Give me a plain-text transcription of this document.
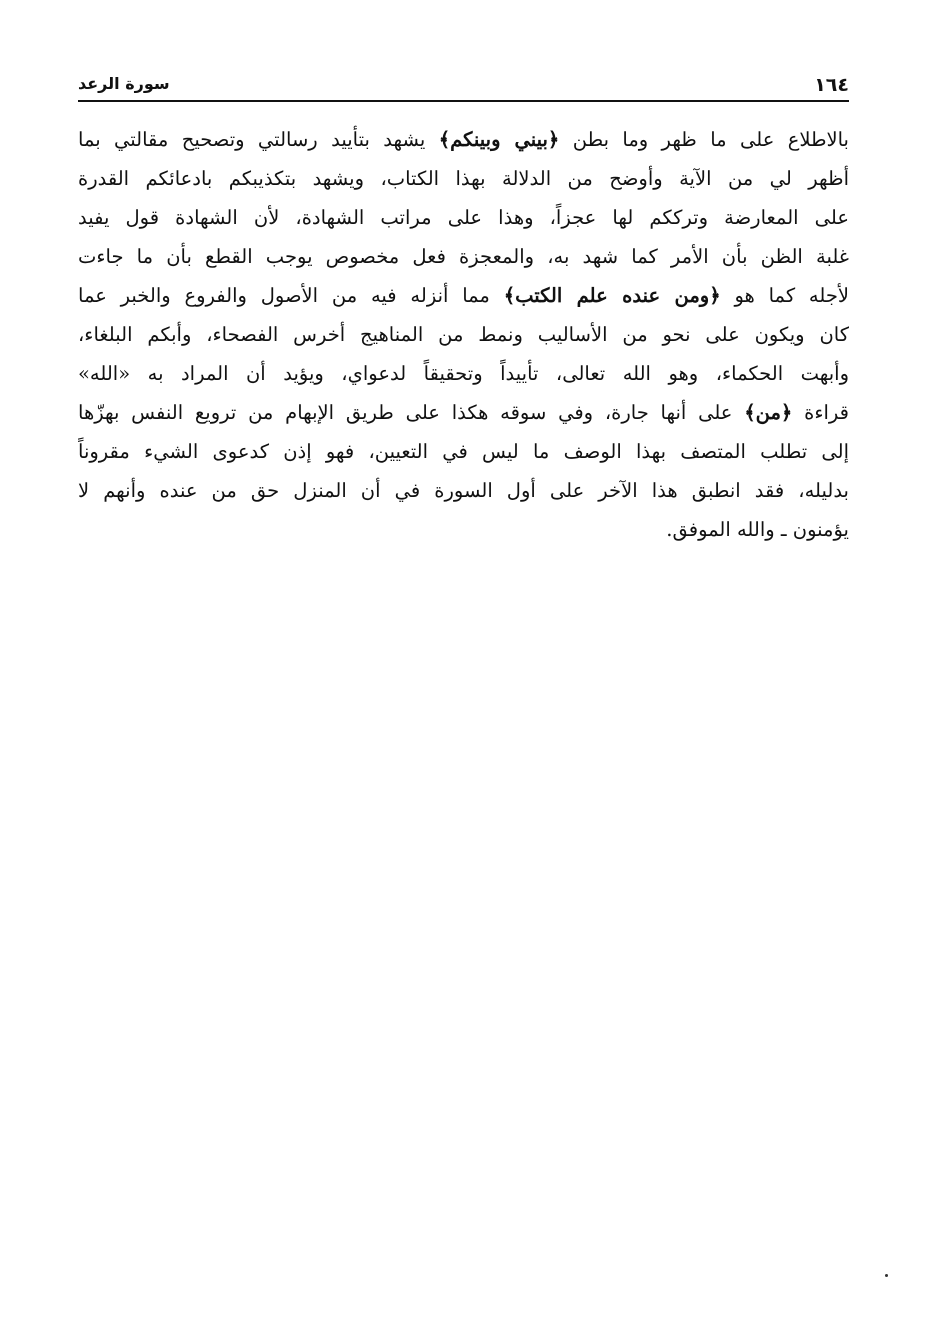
١٦٤
سورة الرعد
بالاطلاع على ما ظهر وما بطن ﴿بيني وبينكم﴾ يشهد بتأييد رسالتي وتصحيح مقالتي بما
أظهر لي من الآية وأوضح من الدلالة بهذا الكتاب، ويشهد بتكذيبكم بادعائكم القدرة
على المعارضة وترككم لها عجزاً، وهذا على مراتب الشهادة، لأن الشهادة قول يفيد
غلبة الظن بأن الأمر كما شهد به، والمعجزة فعل مخصوص يوجب القطع بأن ما جاءت
لأجله كما هو ﴿ومن عنده علم الكتب﴾ مما أنزله فيه من الأصول والفروع والخبر عما
كان ويكون على نحو من الأساليب ونمط من المناهيج أخرس الفصحاء، وأبكم البلغاء،
وأبهت الحكماء، وهو الله تعالى، تأييداً وتحقيقاً لدعواي، ويؤيد أن المراد به «الله»
قراءة ﴿من﴾ على أنها جارة، وفي سوقه هكذا على طريق الإبهام من ترويع النفس بهزّها
إلى تطلب المتصف بهذا الوصف ما ليس في التعيين، فهو إذن كدعوى الشيء مقروناً
بدليله، فقد انطبق هذا الآخر على أول السورة في أن المنزل حق من عنده وأنهم لا
يؤمنون ـ والله الموفق.
